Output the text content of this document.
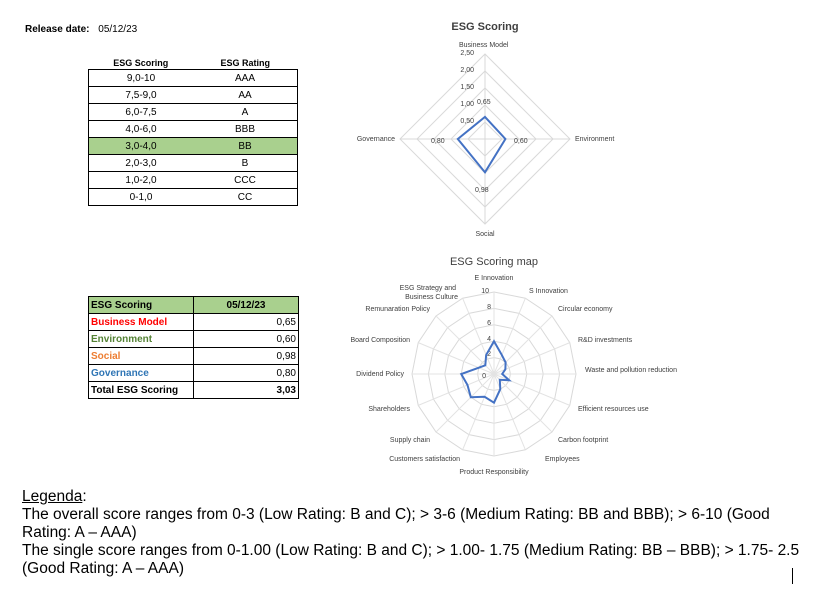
Release date: 05/12/23
ESG Scoring	ESG Rating
9,0-10	AAA
7,5-9,0	AA
6,0-7,5	A
4,0-6,0	BBB
3,0-4,0	BB
2,0-3,0	B
1,0-2,0	CCC
0-1,0	CC
ESG Scoring	05/12/23
Business Model	0,65
Environment	0,60
Social	0,98
Governance	0,80
Total ESG Scoring	3,03
ESG Scoring
Business Model
Environment
Social
Governance
0,50
1,00
1,50
2,00
2,50
0,65
0,60
0,98
0,80
ESG Scoring map
0
2
4
6
8
10
E Innovation
S Innovation
Circular economy
R&D investments
Waste and pollution reduction
Efficient resources use
Carbon footprint
Employees
Product Responsibility
Customers satisfaction
Supply chain
Shareholders
Dividend Policy
Board Composition
Remunaration Policy
ESG Strategy and Business Culture

Legenda:

The overall score ranges from 0-3 (Low Rating: B and C); > 3-6 (Medium Rating: BB and BBB); > 6-10 (Good Rating: A – AAA)

The single score ranges from 0-1.00 (Low Rating: B and C); > 1.00- 1.75 (Medium Rating: BB – BBB); > 1.75- 2.5 (Good Rating: A – AAA)
